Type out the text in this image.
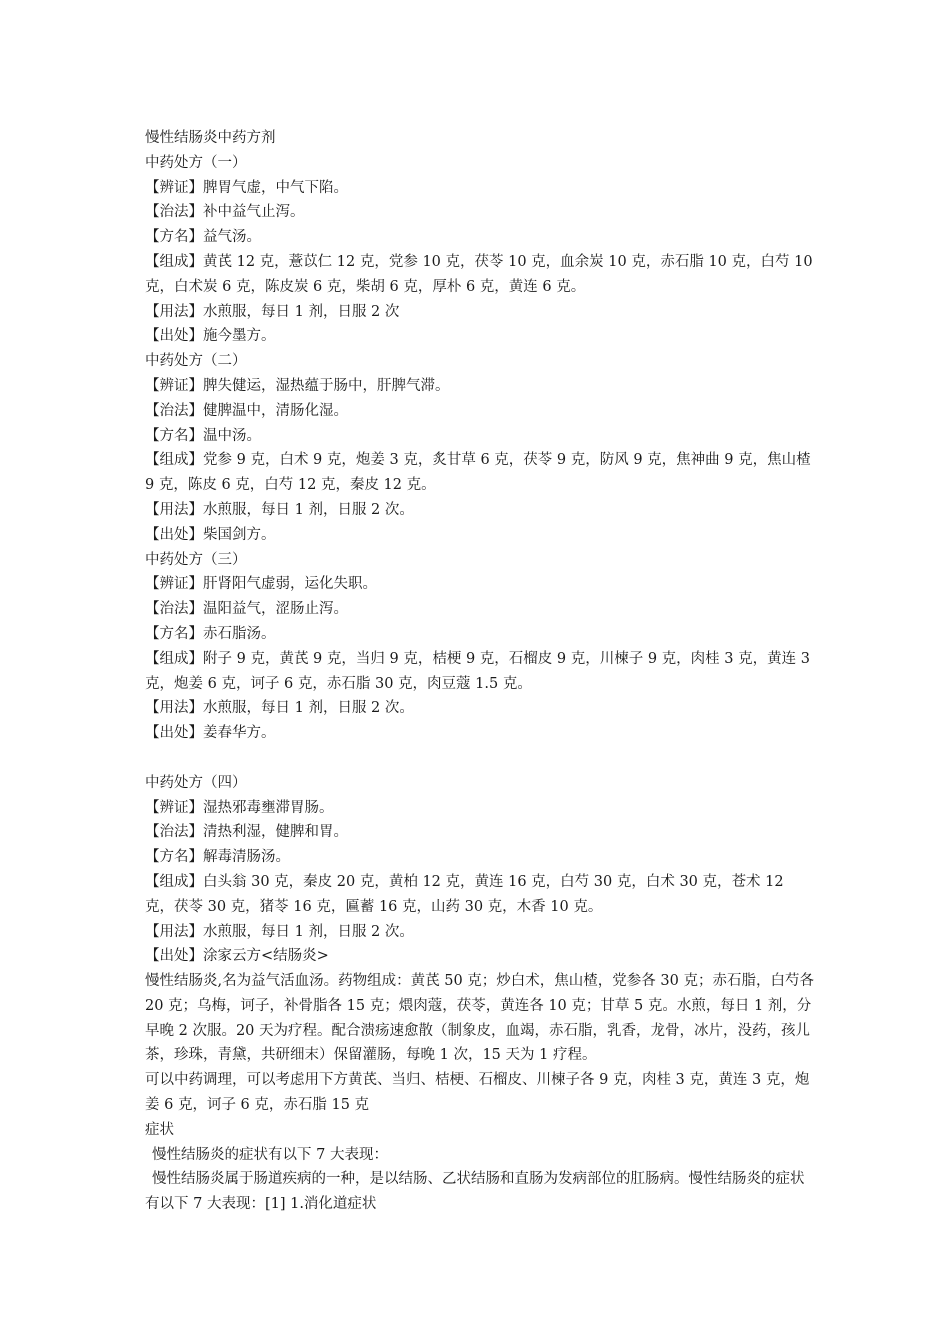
慢性结肠炎中药方剂
中药处方（一）
【辨证】脾胃气虚，中气下陷。
【治法】补中益气止泻。
【方名】益气汤。
【组成】黄芪 12 克，薏苡仁 12 克，党参 10 克，茯苓 10 克，血余炭 10 克，赤石脂 10 克，白芍 10 克，白术炭 6 克，陈皮炭 6 克，柴胡 6 克，厚朴 6 克，黄连 6 克。
【用法】水煎服，每日 1 剂，日服 2 次
【出处】施今墨方。
中药处方（二）
【辨证】脾失健运，湿热蕴于肠中，肝脾气滞。
【治法】健脾温中，清肠化湿。
【方名】温中汤。
【组成】党参 9 克，白术 9 克，炮姜 3 克，炙甘草 6 克，茯苓 9 克，防风 9 克，焦神曲 9 克，焦山楂 9 克，陈皮 6 克，白芍 12 克，秦皮 12 克。
【用法】水煎服，每日 1 剂，日服 2 次。
【出处】柴国剑方。
中药处方（三）
【辨证】肝肾阳气虚弱，运化失职。
【治法】温阳益气，涩肠止泻。
【方名】赤石脂汤。
【组成】附子 9 克，黄芪 9 克，当归 9 克，桔梗 9 克，石榴皮 9 克，川楝子 9 克，肉桂 3 克，黄连 3 克，炮姜 6 克，诃子 6 克，赤石脂 30 克，肉豆蔻 1.5 克。
【用法】水煎服，每日 1 剂，日服 2 次。
【出处】姜春华方。
中药处方（四）
【辨证】湿热邪毒壅滞胃肠。
【治法】清热利湿，健脾和胃。
【方名】解毒清肠汤。
【组成】白头翁 30 克，秦皮 20 克，黄柏 12 克，黄连 16 克，白芍 30 克，白术 30 克，苍术 12 克，茯苓 30 克，猪苓 16 克，匾蓄 16 克，山药 30 克，木香 10 克。
【用法】水煎服，每日 1 剂，日服 2 次。
【出处】涂家云方<结肠炎>
慢性结肠炎,名为益气活血汤。药物组成：黄芪 50 克；炒白术，焦山楂，党参各 30 克；赤石脂，白芍各 20 克；乌梅，诃子，补骨脂各 15 克；煨肉蔻，茯苓，黄连各 10 克；甘草 5 克。水煎，每日 1 剂，分早晚 2 次服。20 天为疗程。配合溃疡速愈散（制象皮，血竭，赤石脂，乳香，龙骨，冰片，没药，孩儿茶，珍珠，青黛，共研细末）保留灌肠，每晚 1 次，15 天为 1 疗程。
可以中药调理，可以考虑用下方黄芪、当归、桔梗、石榴皮、川楝子各 9 克，肉桂 3 克，黄连 3 克，炮姜 6 克，诃子 6 克，赤石脂 15 克
症状
慢性结肠炎的症状有以下 7 大表现：
慢性结肠炎属于肠道疾病的一种，是以结肠、乙状结肠和直肠为发病部位的肛肠病。慢性结肠炎的症状有以下 7 大表现：[1] 1.消化道症状
